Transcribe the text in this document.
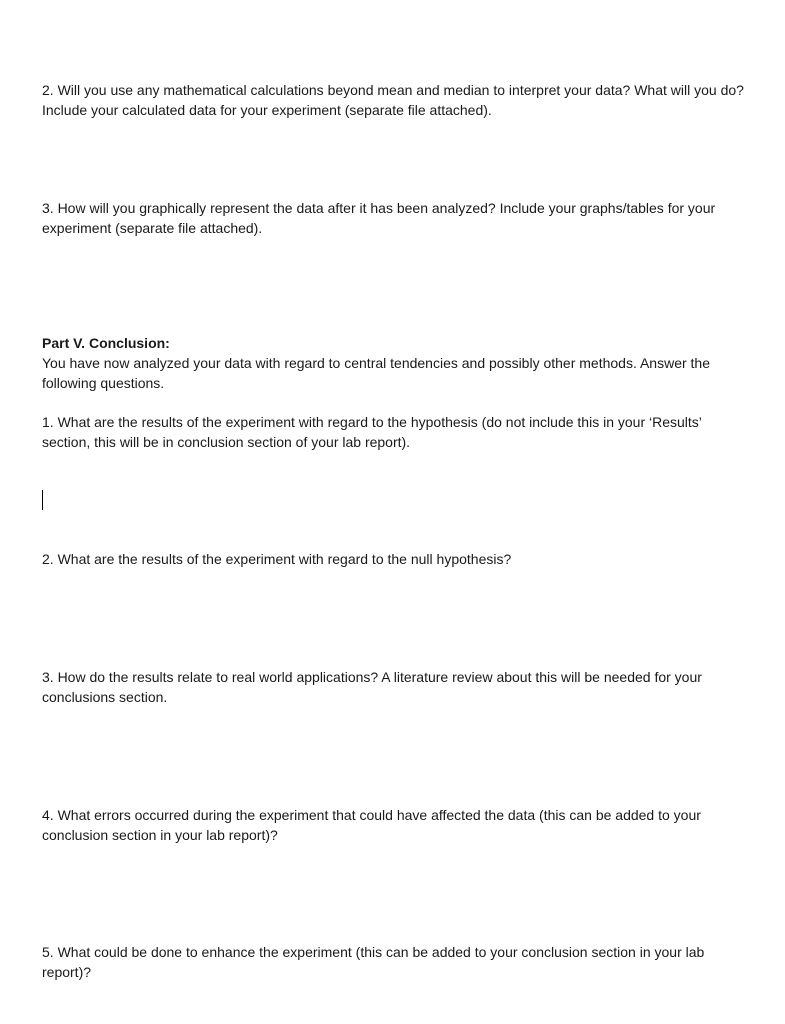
2. Will you use any mathematical calculations beyond mean and median to interpret your data? What will you do? Include your calculated data for your experiment (separate file attached).

3. How will you graphically represent the data after it has been analyzed? Include your graphs/tables for your experiment (separate file attached).

Part V. Conclusion:

You have now analyzed your data with regard to central tendencies and possibly other methods. Answer the following questions.

1. What are the results of the experiment with regard to the hypothesis (do not include this in your ‘Results’ section, this will be in conclusion section of your lab report).

2. What are the results of the experiment with regard to the null hypothesis?

3. How do the results relate to real world applications? A literature review about this will be needed for your conclusions section.

4. What errors occurred during the experiment that could have affected the data (this can be added to your conclusion section in your lab report)?

5. What could be done to enhance the experiment (this can be added to your conclusion section in your lab report)?
